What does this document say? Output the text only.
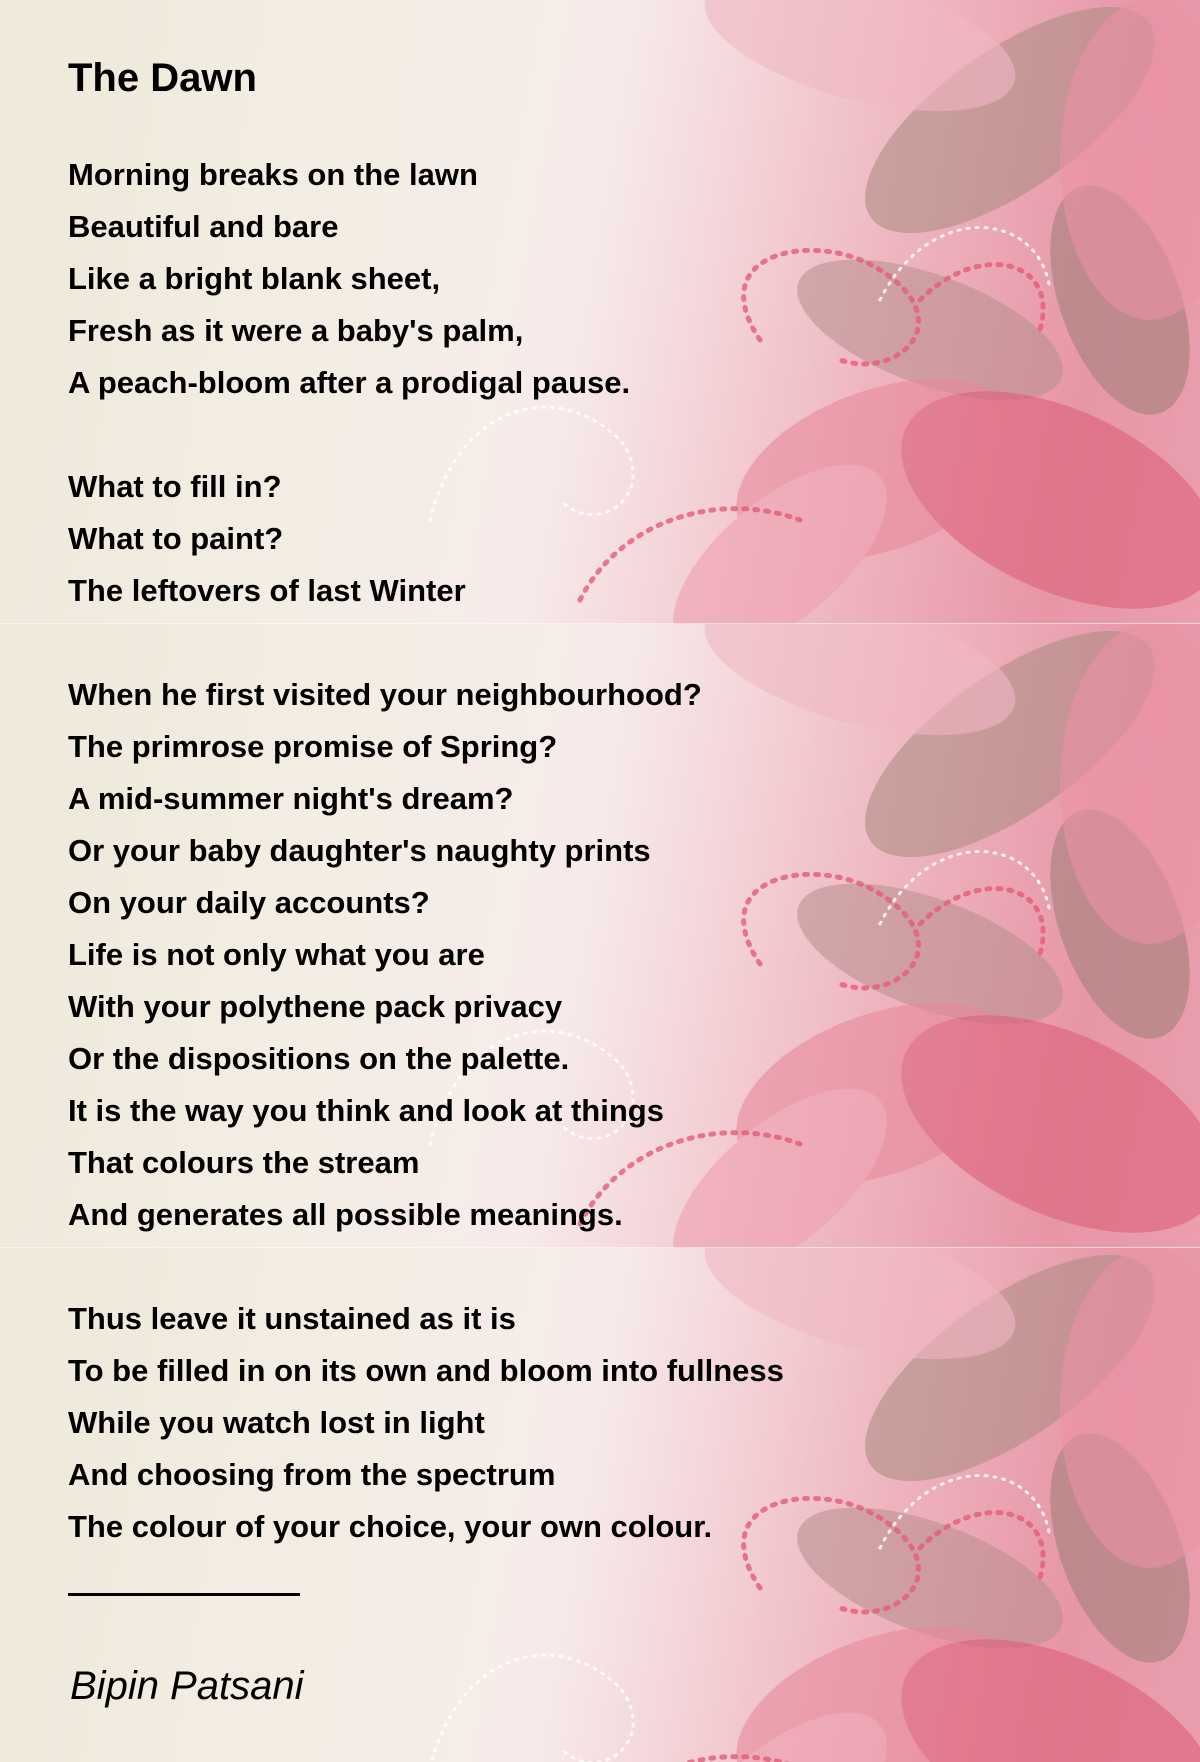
The Dawn
Morning breaks on the lawn
Beautiful and bare
Like a bright blank sheet,
Fresh as it were a baby's palm,
A peach-bloom after a prodigal pause.
What to fill in?
What to paint?
The leftovers of last Winter
When he first visited your neighbourhood?
The primrose promise of Spring?
A mid-summer night's dream?
Or your baby daughter's naughty prints
On your daily accounts?
Life is not only what you are
With your polythene pack privacy
Or the dispositions on the palette.
It is the way you think and look at things
That colours the stream
And generates all possible meanings.
Thus leave it unstained as it is
To be filled in on its own and bloom into fullness
While you watch lost in light
And choosing from the spectrum
The colour of your choice, your own colour.
Bipin Patsani
